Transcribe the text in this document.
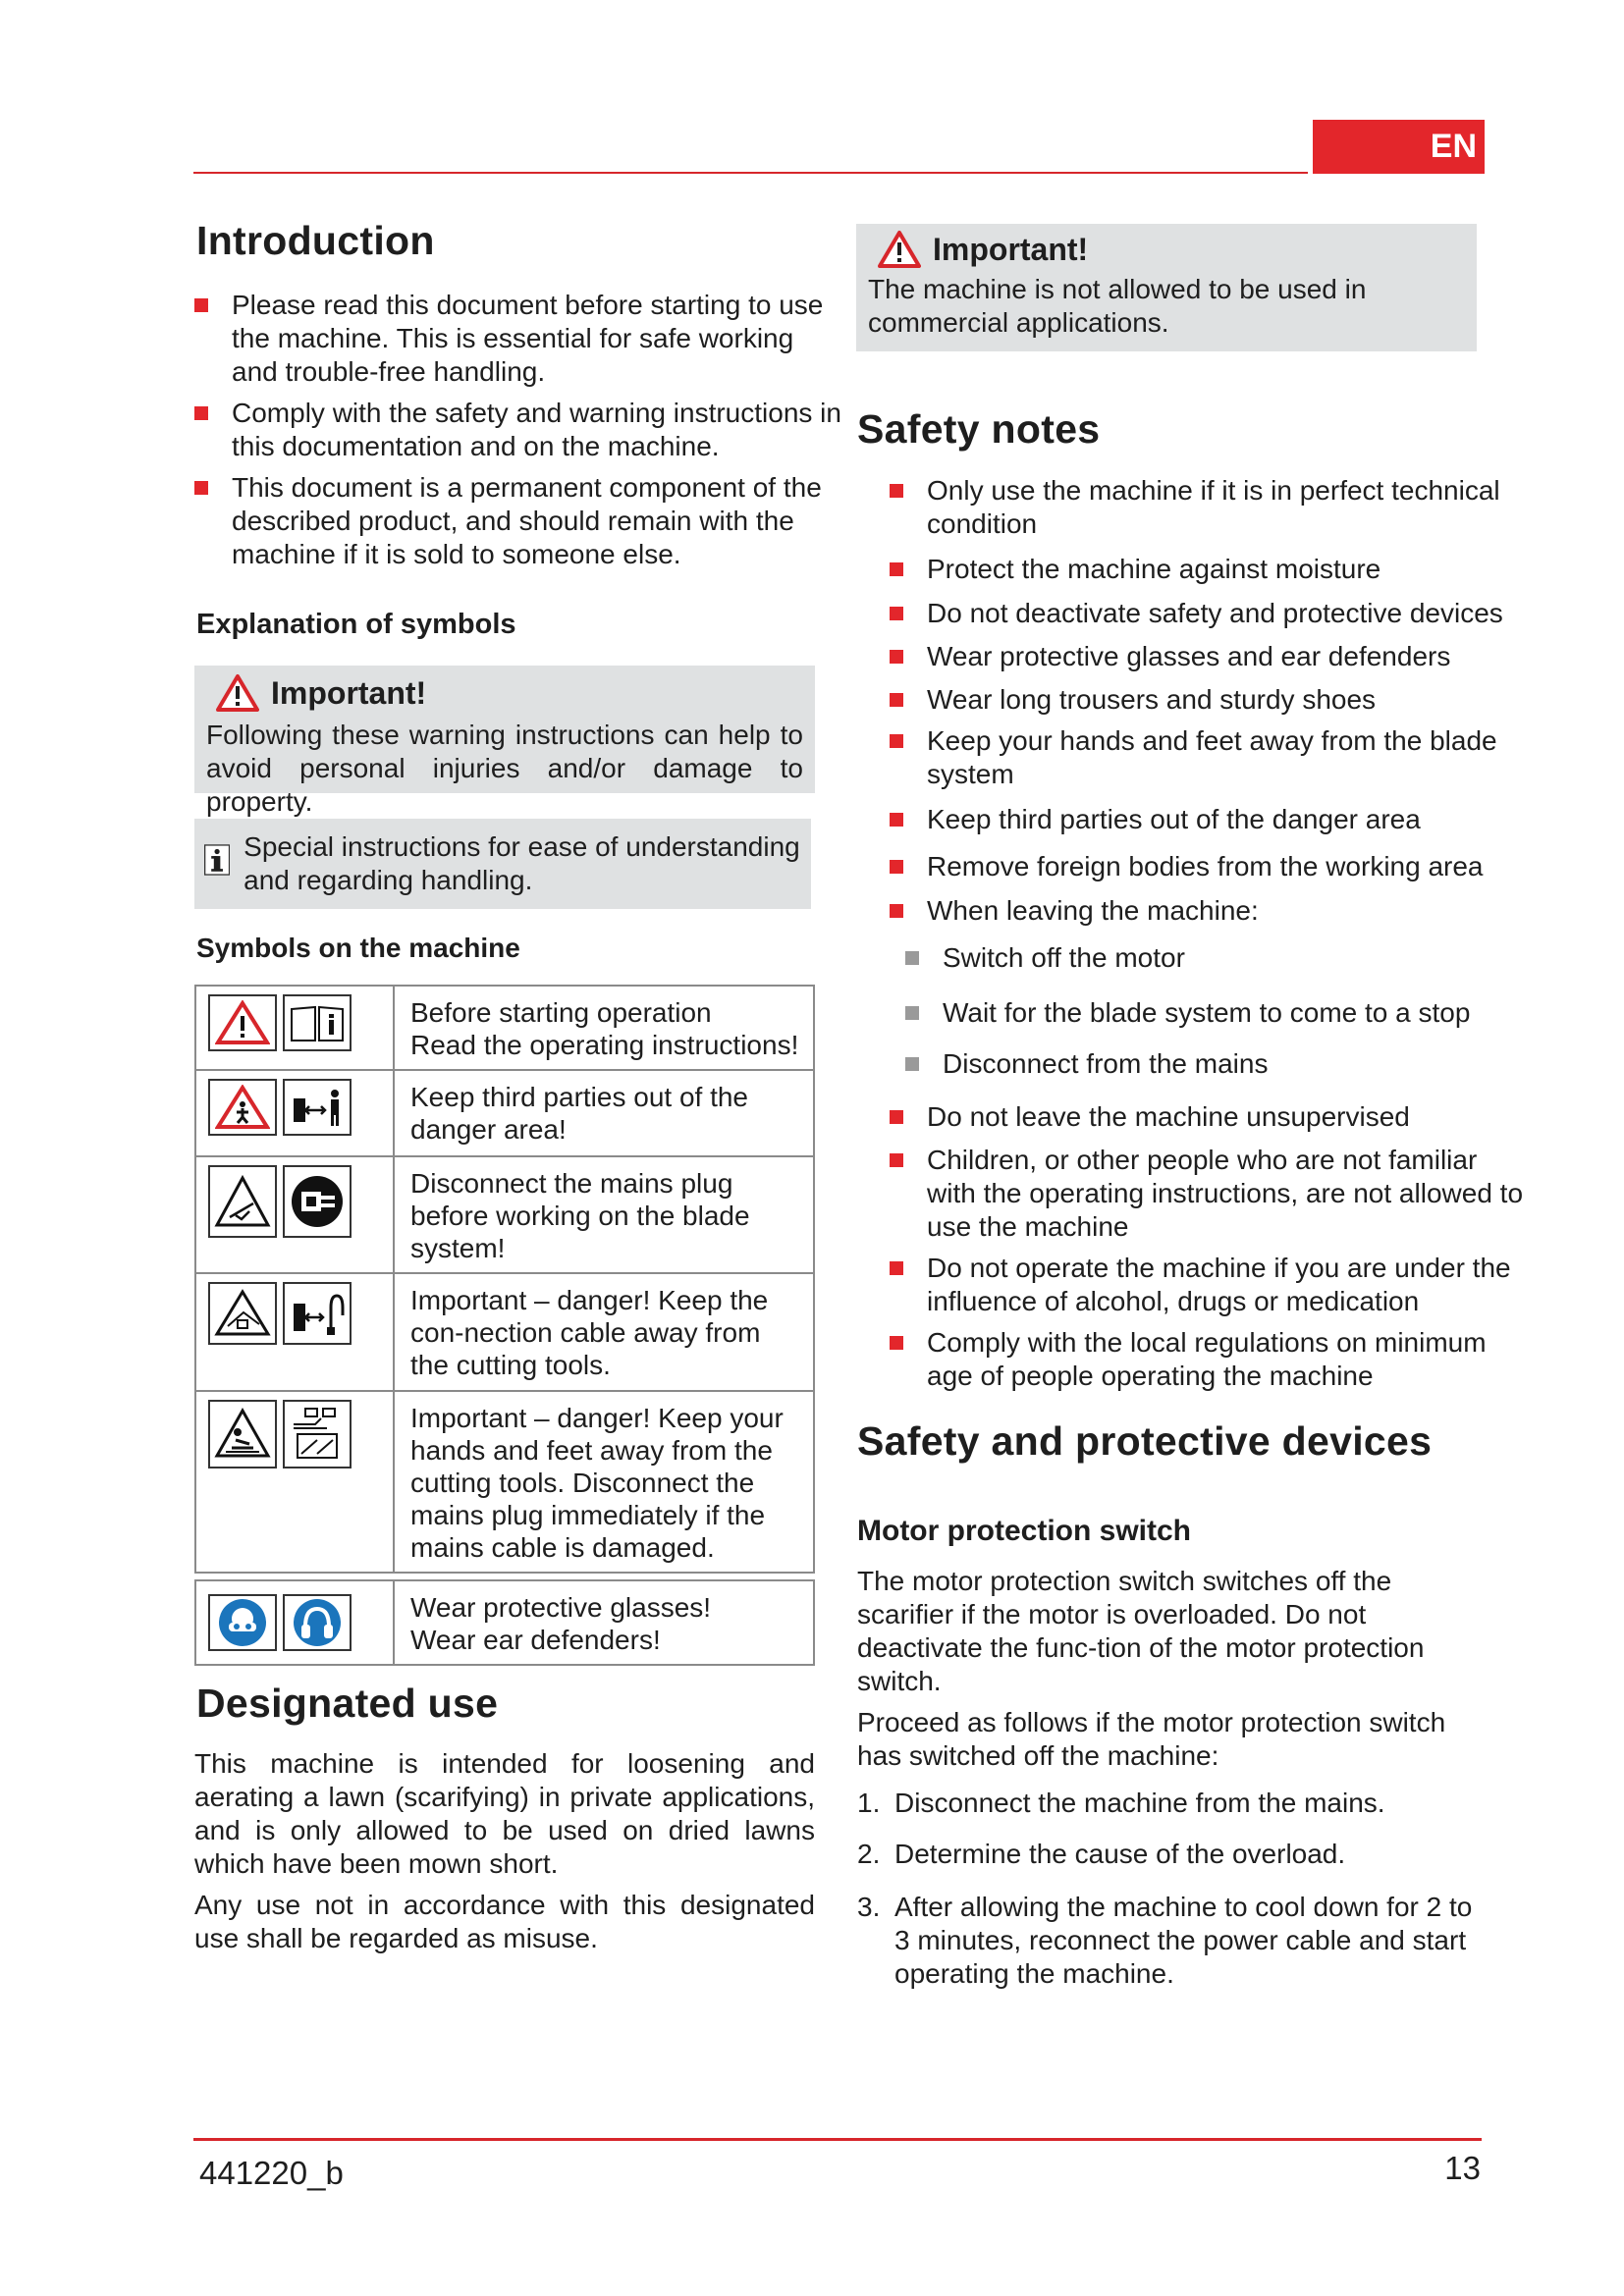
EN
Introduction

Please read this document before starting to use the machine. This is essential for safe working and trouble-free handling.

Comply with the safety and warning instructions in this documentation and on the machine.

This document is a permanent component of the described product, and should remain with the machine if it is sold to someone else.

Explanation of symbols
Important!
Following these warning instructions can help to avoid personal injuries and/or damage to property.
Special instructions for ease of understanding and regarding handling.
Symbols on the machine
	Before starting operation
Read the operating instructions!

	Keep third parties out of the danger area!

	Disconnect the mains plug before working on the blade system!

	Important – danger! Keep the con-nection cable away from the cutting tools.

	Important – danger! Keep your hands and feet away from the cutting tools. Disconnect the mains plug immediately if the mains cable is damaged.
	Wear protective glasses!
Wear ear defenders!
Designated use

This machine is intended for loosening and aerating a lawn (scarifying) in private applications, and is only allowed to be used on dried lawns which have been mown short.

Any use not in accordance with this designated use shall be regarded as misuse.

Important!
The machine is not allowed to be used in commercial applications.
Safety notes

Only use the machine if it is in perfect technical condition

Protect the machine against moisture

Do not deactivate safety and protective devices

Wear protective glasses and ear defenders

Wear long trousers and sturdy shoes

Keep your hands and feet away from the blade system

Keep third parties out of the danger area

Remove foreign bodies from the working area

When leaving the machine:

Switch off the motor

Wait for the blade system to come to a stop

Disconnect from the mains

Do not leave the machine unsupervised

Children, or other people who are not familiar with the operating instructions, are not allowed to use the machine

Do not operate the machine if you are under the influence of alcohol, drugs or medication

Comply with the local regulations on minimum age of people operating the machine

Safety and protective devices
Motor protection switch

The motor protection switch switches off the scarifier if the motor is overloaded. Do not deactivate the func-tion of the motor protection switch.

Proceed as follows if the motor protection switch has switched off the machine:

1. Disconnect the machine from the mains.
2. Determine the cause of the overload.
3. After allowing the machine to cool down for 2 to 3 minutes, reconnect the power cable and start operating the machine.
441220_b	13
